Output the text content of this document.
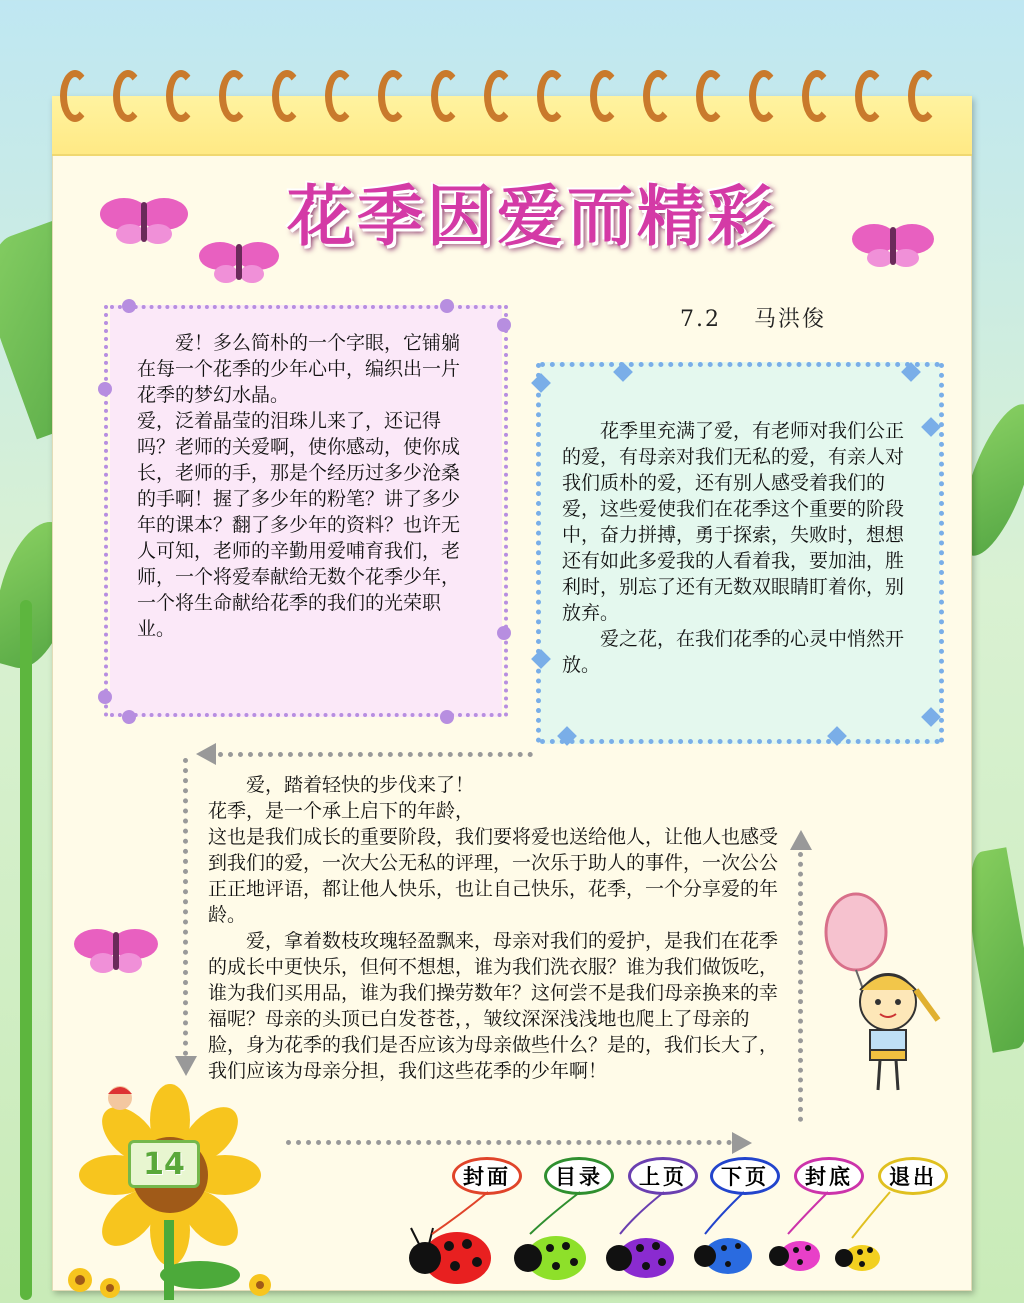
花季因爱而精彩
7.2　 马洪俊
　　爱！多么简朴的一个字眼，它铺躺在每一个花季的少年心中，编织出一片花季的梦幻水晶。
爱，泛着晶莹的泪珠儿来了，还记得吗？老师的关爱啊，使你感动，使你成长，老师的手，那是个经历过多少沧桑的手啊！握了多少年的粉笔？讲了多少年的课本？翻了多少年的资料？也许无人可知，老师的辛勤用爱哺育我们，老师，一个将爱奉献给无数个花季少年，一个将生命献给花季的我们的光荣职业。
　　花季里充满了爱，有老师对我们公正的爱，有母亲对我们无私的爱，有亲人对我们质朴的爱，还有别人感受着我们的爱，这些爱使我们在花季这个重要的阶段中，奋力拼搏，勇于探索，失败时，想想还有如此多爱我的人看着我，要加油，胜利时，别忘了还有无数双眼睛盯着你，别放弃。
　　爱之花，在我们花季的心灵中悄然开放。
　　爱，踏着轻快的步伐来了！
花季，是一个承上启下的年龄，
这也是我们成长的重要阶段，我们要将爱也送给他人，让他人也感受到我们的爱，一次大公无私的评理，一次乐于助人的事件，一次公公正正地评语，都让他人快乐，也让自己快乐，花季，一个分享爱的年龄。
　　爱，拿着数枝玫瑰轻盈飘来，母亲对我们的爱护，是我们在花季的成长中更快乐，但何不想想，谁为我们洗衣服？谁为我们做饭吃，谁为我们买用品，谁为我们操劳数年？这何尝不是我们母亲换来的幸福呢？母亲的头顶已白发苍苍，，皱纹深深浅浅地也爬上了母亲的脸，身为花季的我们是否应该为母亲做些什么？是的，我们长大了，我们应该为母亲分担，我们这些花季的少年啊！
14	封面 目录 上页 下页 封底 退出
